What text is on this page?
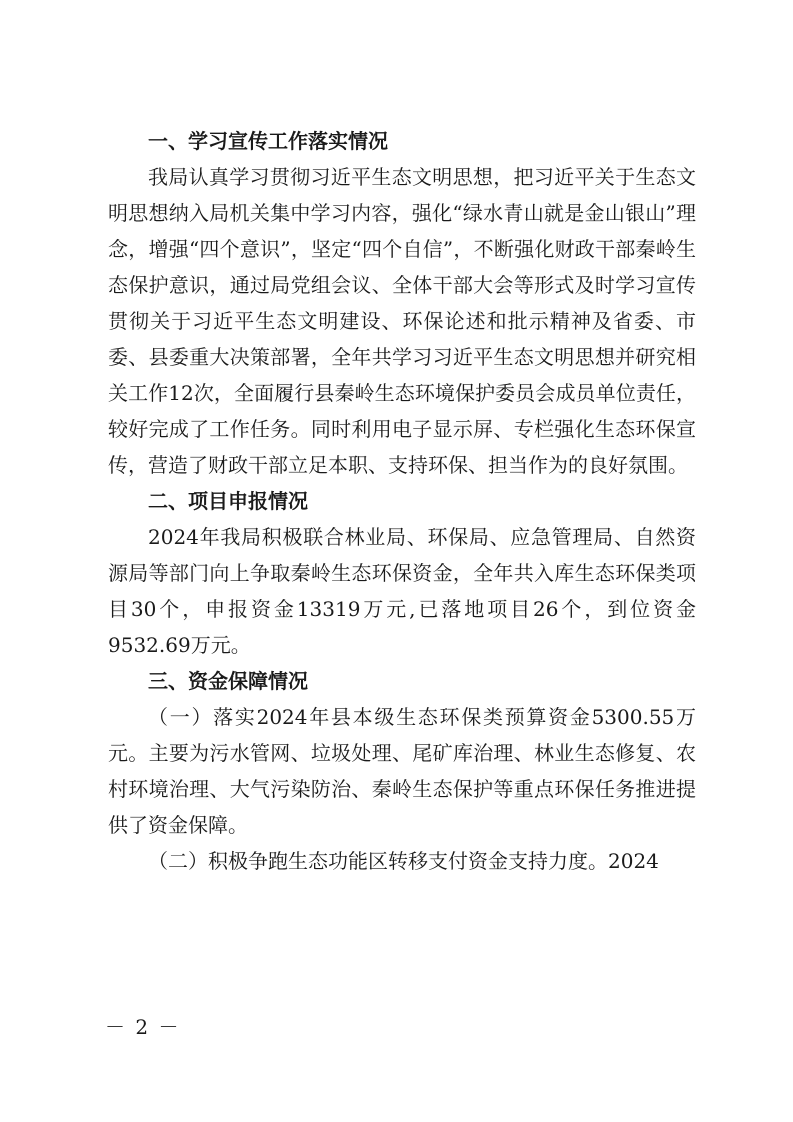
一、学习宣传工作落实情况

我局认真学习贯彻习近平生态文明思想，把习近平关于生态文明思想纳入局机关集中学习内容，强化“绿水青山就是金山银山”理念，增强“四个意识”，坚定“四个自信”，不断强化财政干部秦岭生态保护意识，通过局党组会议、全体干部大会等形式及时学习宣传贯彻关于习近平生态文明建设、环保论述和批示精神及省委、市委、县委重大决策部署，全年共学习习近平生态文明思想并研究相关工作12次，全面履行县秦岭生态环境保护委员会成员单位责任，较好完成了工作任务。同时利用电子显示屏、专栏强化生态环保宣传，营造了财政干部立足本职、支持环保、担当作为的良好氛围。

二、项目申报情况

2024年我局积极联合林业局、环保局、应急管理局、自然资源局等部门向上争取秦岭生态环保资金，全年共入库生态环保类项目30个，申报资金13319万元,已落地项目26个，到位资金9532.69万元。

三、资金保障情况

（一）落实2024年县本级生态环保类预算资金5300.55万元。主要为污水管网、垃圾处理、尾矿库治理、林业生态修复、农村环境治理、大气污染防治、秦岭生态保护等重点环保任务推进提供了资金保障。

（二）积极争跑生态功能区转移支付资金支持力度。2024

－ 2 －
